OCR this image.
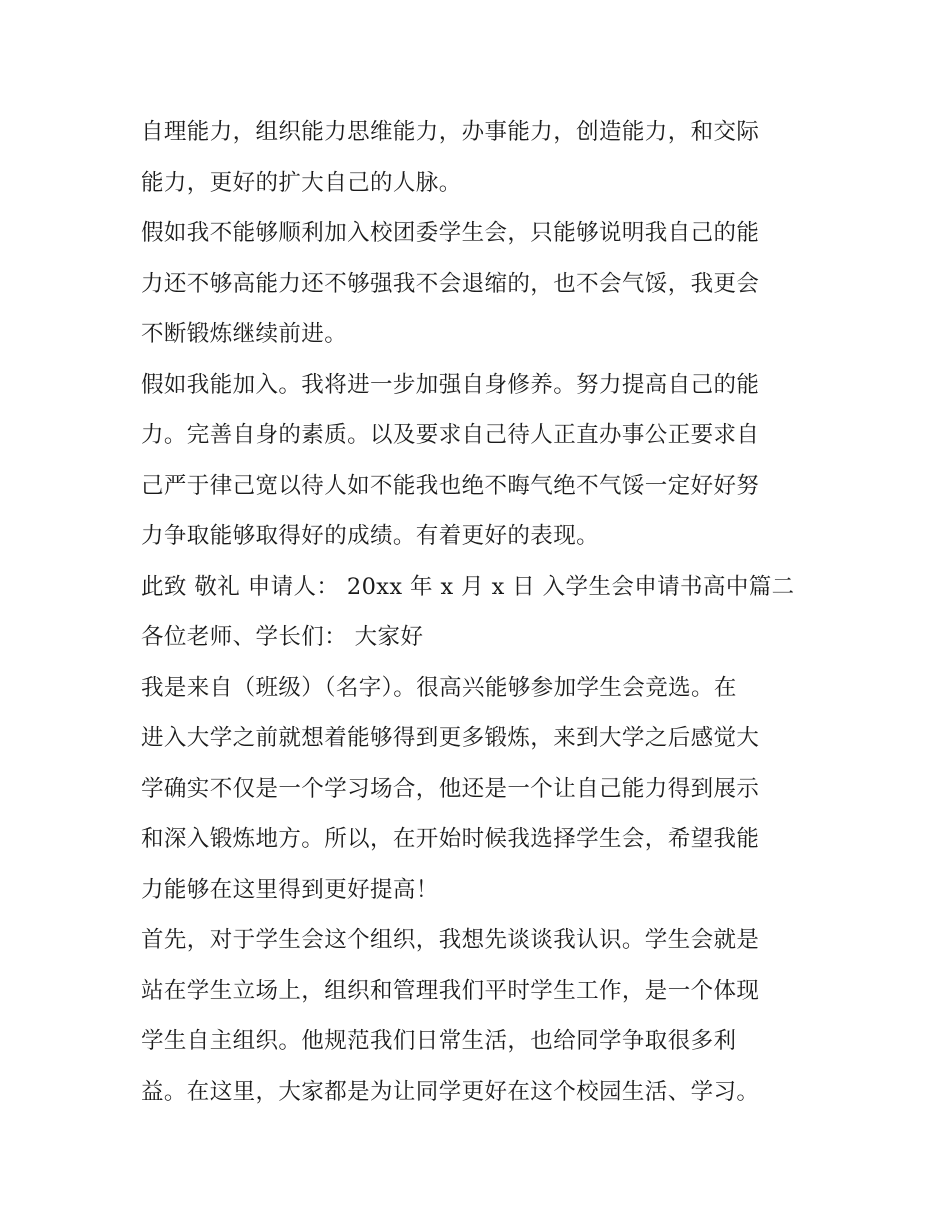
自理能力，组织能力思维能力，办事能力，创造能力，和交际
能力，更好的扩大自己的人脉。
假如我不能够顺利加入校团委学生会，只能够说明我自己的能
力还不够高能力还不够强我不会退缩的，也不会气馁，我更会
不断锻炼继续前进。
假如我能加入。我将进一步加强自身修养。努力提高自己的能
力。完善自身的素质。以及要求自己待人正直办事公正要求自
己严于律己宽以待人如不能我也绝不晦气绝不气馁一定好好努
力争取能够取得好的成绩。有着更好的表现。
此致 敬礼 申请人： 20xx 年 x 月 x 日 入学生会申请书高中篇二
各位老师、学长们： 大家好
我是来自（班级）（名字）。很高兴能够参加学生会竞选。在
进入大学之前就想着能够得到更多锻炼，来到大学之后感觉大
学确实不仅是一个学习场合，他还是一个让自己能力得到展示
和深入锻炼地方。所以，在开始时候我选择学生会，希望我能
力能够在这里得到更好提高！
首先，对于学生会这个组织，我想先谈谈我认识。学生会就是
站在学生立场上，组织和管理我们平时学生工作，是一个体现
学生自主组织。他规范我们日常生活，也给同学争取很多利
益。在这里，大家都是为让同学更好在这个校园生活、学习。
